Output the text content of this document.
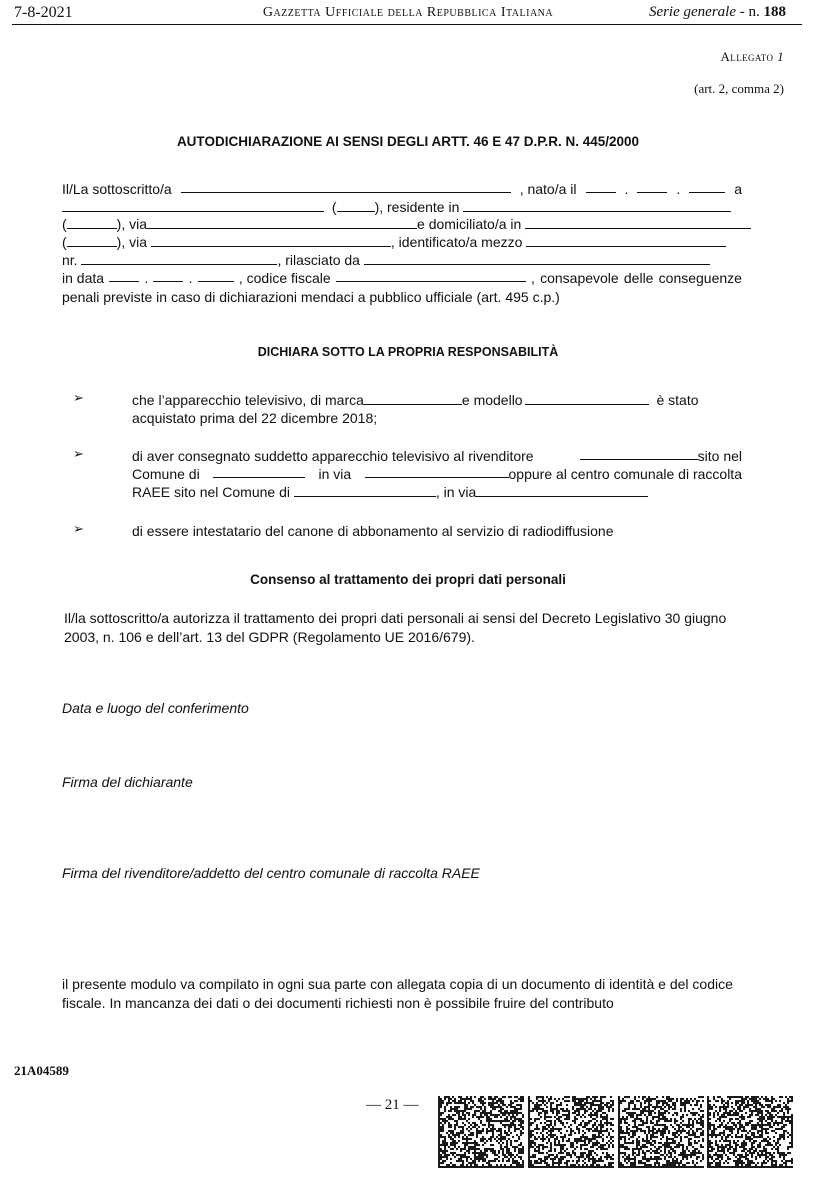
7-8-2021	Gazzetta Ufficiale della Repubblica Italiana	Serie generale - n. 188
Allegato 1
(art. 2, comma 2)
AUTODICHIARAZIONE AI SENSI DEGLI ARTT. 46 E 47 D.P.R. N. 445/2000
Il/La sottoscritto/a	, nato/a il	.	.	a
(	), residente in
(	), via	e domiciliato/a in
(	), via	, identificato/a mezzo
nr.	, rilasciato da
in data	.	.	, codice fiscale	, consapevole delle conseguenze
penali previste in caso di dichiarazioni mendaci a pubblico ufficiale (art. 495 c.p.)
DICHIARA SOTTO LA PROPRIA RESPONSABILITÀ
➢	che l’apparecchio televisivo, di marca	e modello	è stato
acquistato prima del 22 dicembre 2018;
➢	di aver consegnato suddetto apparecchio televisivo al rivenditore	sito nel
Comune di	in via	oppure al centro comunale di raccolta
RAEE sito nel Comune di	, in via
➢	di essere intestatario del canone di abbonamento al servizio di radiodiffusione
Consenso al trattamento dei propri dati personali
Il/la sottoscritto/a autorizza il trattamento dei propri dati personali ai sensi del Decreto Legislativo 30 giugno 2003, n. 106 e dell’art. 13 del GDPR (Regolamento UE 2016/679).
Data e luogo del conferimento
Firma del dichiarante
Firma del rivenditore/addetto del centro comunale di raccolta RAEE
il presente modulo va compilato in ogni sua parte con allegata copia di un documento di identità e del codice fiscale. In mancanza dei dati o dei documenti richiesti non è possibile fruire del contributo
21A04589
— 21 —
